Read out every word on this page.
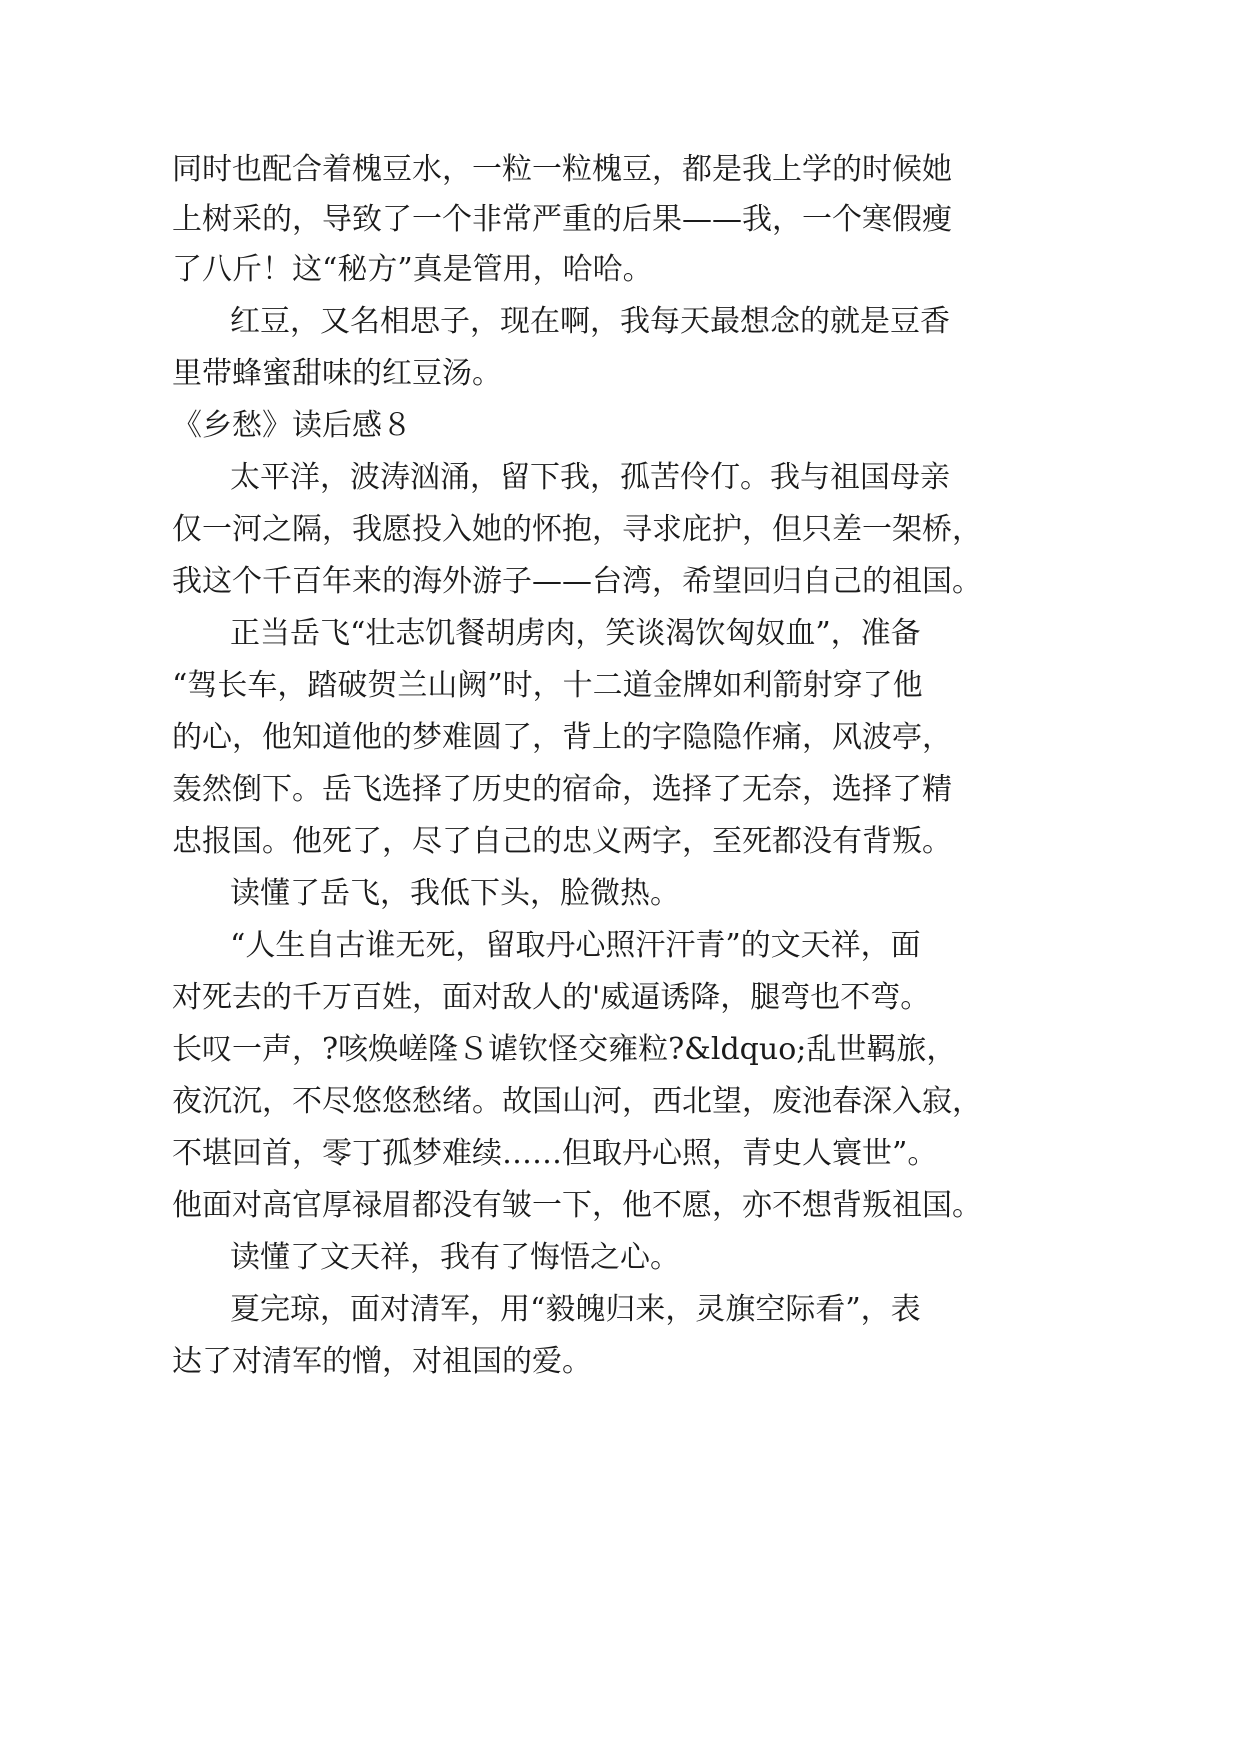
同时也配合着槐豆水，一粒一粒槐豆，都是我上学的时候她
上树采的，导致了一个非常严重的后果——我，一个寒假瘦
了八斤！这“秘方”真是管用，哈哈。
红豆，又名相思子，现在啊，我每天最想念的就是豆香
里带蜂蜜甜味的红豆汤。
《乡愁》读后感８
太平洋，波涛汹涌，留下我，孤苦伶仃。我与祖国母亲
仅一河之隔，我愿投入她的怀抱，寻求庇护，但只差一架桥，
我这个千百年来的海外游子——台湾，希望回归自己的祖国。
正当岳飞“壮志饥餐胡虏肉，笑谈渴饮匈奴血”，准备
“驾长车，踏破贺兰山阙”时，十二道金牌如利箭射穿了他
的心，他知道他的梦难圆了，背上的字隐隐作痛，风波亭，
轰然倒下。岳飞选择了历史的宿命，选择了无奈，选择了精
忠报国。他死了，尽了自己的忠义两字，至死都没有背叛。
读懂了岳飞，我低下头，脸微热。
“人生自古谁无死，留取丹心照汗汗青”的文天祥，面
对死去的千万百姓，面对敌人的'威逼诱降，腿弯也不弯。
长叹一声，?咳焕嵯隆Ｓ谑钦怪交雍粒?&ldquo;乱世羁旅，
夜沉沉，不尽悠悠愁绪。故国山河，西北望，废池春深入寂，
不堪回首，零丁孤梦难续……但取丹心照，青史人寰世”。
他面对高官厚禄眉都没有皱一下，他不愿，亦不想背叛祖国。
读懂了文天祥，我有了悔悟之心。
夏完琼，面对清军，用“毅魄归来，灵旗空际看”，表
达了对清军的憎，对祖国的爱。
